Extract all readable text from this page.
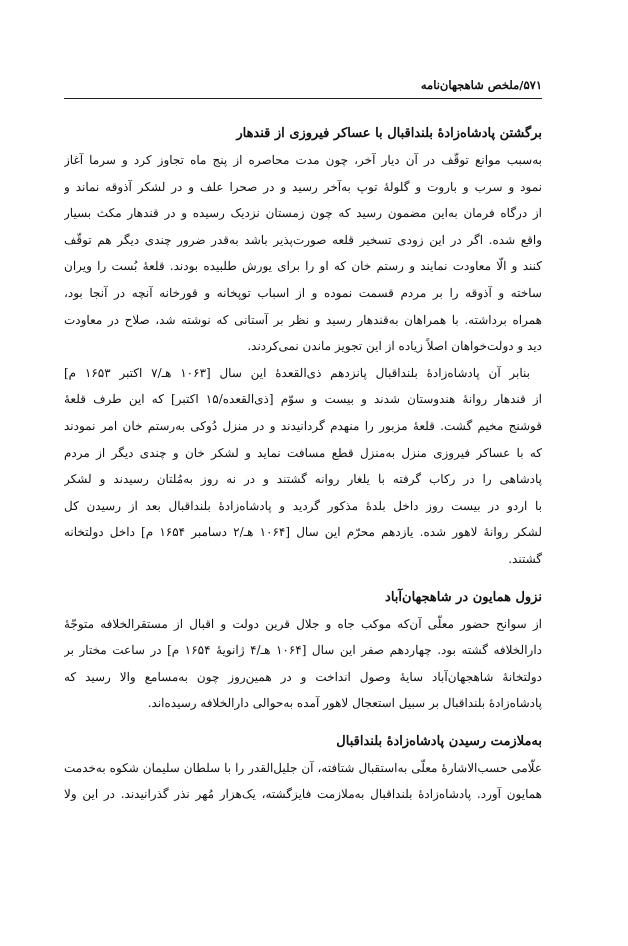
۵۷۱/ملخص شاهجهان‌نامه
برگشتن پادشاه‌زادۀ بلنداقبال با عساکر فیروزی از قندهار
به‌سبب موانع توقّف در آن دیار آخر، چون مدت محاصره از پنج ماه تجاوز کرد و سرما آغاز
نمود و سرب و باروت و گلولۀ توپ به‌آخر رسید و در صحرا علف و در لشکر آذوقه نماند و
از درگاه فرمان به‌این مضمون رسید که چون زمستان نزدیک رسیده و در قندهار مکث بسیار
واقع شده. اگر در این زودی تسخیر قلعه صورت‌پذیر باشد به‌قدر ضرور چندی دیگر هم توقّف
کنند و الّا معاودت نمایند و رستم خان که او را برای یورش طلبیده بودند. قلعۀ بُست را ویران
ساخته و آذوقه را بر مردم قسمت نموده و از اسباب توپخانه و قورخانه آنچه در آنجا بود،
همراه برداشته. با همراهان به‌قندهار رسید و نظر بر آستانی که نوشته شد، صلاح در معاودت
دید و دولت‌خواهان اصلاً زیاده از این تجویز ماندن نمی‌کردند.
بنابر آن پادشاه‌زادۀ بلنداقبال پانزدهم ذی‌القعدۀ این سال [۱۰۶۳ هـ/۷ اکتبر ۱۶۵۳ م]
از قندهار روانۀ هندوستان شدند و بیست و سوّم [ذی‌القعده/۱۵ اکتبر] که این طرف قلعۀ
قوشنج مخیم گشت. قلعۀ مزبور را منهدم گردانیدند و در منزل دُوکی به‌رستم خان امر نمودند
که با عساکر فیروزی منزل به‌منزل قطع مسافت نماید و لشکر خان و چندی دیگر از مردم
پادشاهی را در رکاب گرفته با یلغار روانه گشتند و در نه روز به‌مُلتان رسیدند و لشکر
با اردو در بیست روز داخل بلدۀ مذکور گردید و پادشاه‌زادۀ بلنداقبال بعد از رسیدن کل
لشکر روانۀ لاهور شده. یازدهم محرّم این سال [۱۰۶۴ هـ/۲ دسامبر ۱۶۵۴ م] داخل دولتخانه
گشتند.
نزول همایون در شاهجهان‌آباد
از سوانح حضور معلّی آن‌که موکب جاه و جلال قرین دولت و اقبال از مستقرالخلافه متوجّۀ
دارالخلافه گشته بود. چهاردهم صفر این سال [۱۰۶۴ هـ/۴ ژانویۀ ۱۶۵۴ م] در ساعت مختار بر
دولتخانۀ شاهجهان‌آباد سایۀ وصول انداخت و در همین‌روز چون به‌مسامع والا رسید که
پادشاه‌زادۀ بلنداقبال بر سبیل استعجال لاهور آمده به‌حوالی دارالخلافه رسیده‌اند.
به‌ملازمت رسیدن پادشاه‌زادۀ بلنداقبال
علّامی حسب‌الاشارۀ معلّی به‌استقبال شتافته، آن جلیل‌القدر را با سلطان سلیمان شکوه به‌خدمت
همایون آورد. پادشاه‌زادۀ بلنداقبال به‌ملازمت فایزگشته، یک‌هزار مُهر نذر گذرانیدند. در این ولا
